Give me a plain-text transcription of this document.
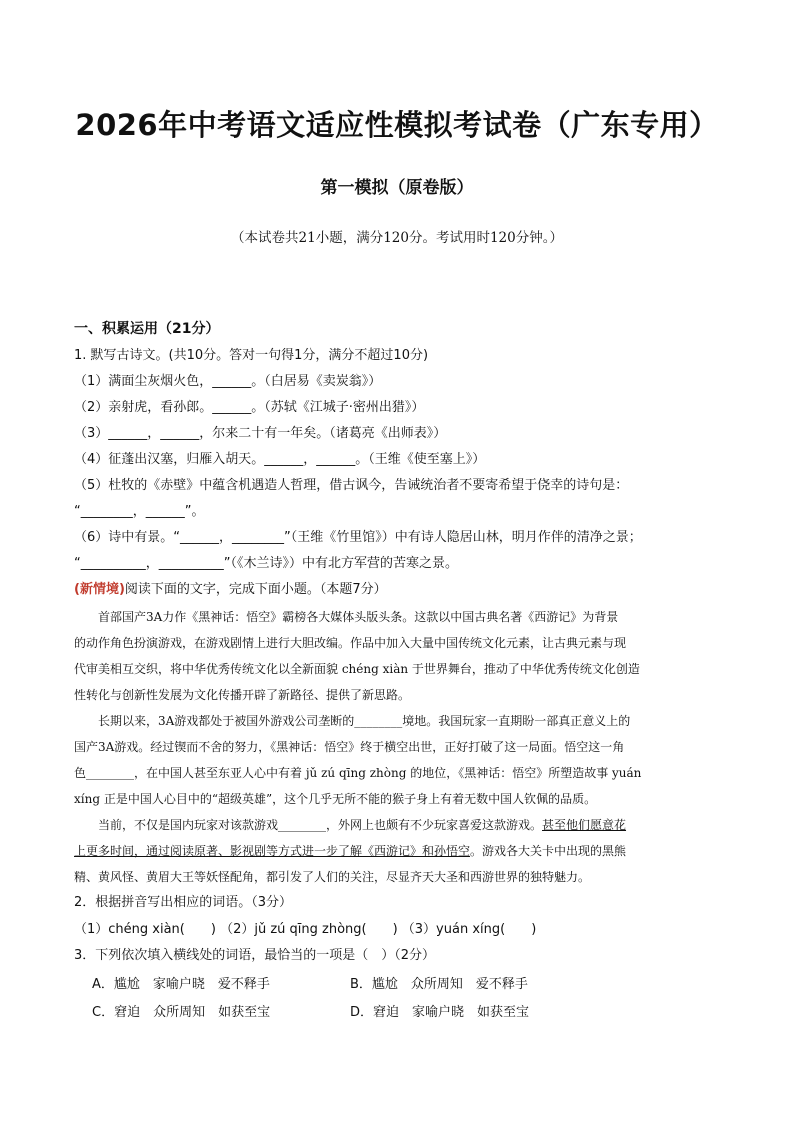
2026年中考语文适应性模拟考试卷（广东专用）
第一模拟（原卷版）
（本试卷共21小题，满分120分。考试用时120分钟。）
一、积累运用（21分）
1. 默写古诗文。(共10分。答对一句得1分，满分不超过10分)
（1）满面尘灰烟火色，______。（白居易《卖炭翁》）
（2）亲射虎，看孙郎。______。（苏轼《江城子·密州出猎》）
（3）______，______，尔来二十有一年矣。（诸葛亮《出师表》）
（4）征蓬出汉塞，归雁入胡天。______，______。（王维《使至塞上》）
（5）杜牧的《赤壁》中蕴含机遇造人哲理，借古讽今，告诫统治者不要寄希望于侥幸的诗句是：
“________，______”。
（6）诗中有景。“______，________”（王维《竹里馆》）中有诗人隐居山林，明月作伴的清净之景；
“__________，__________”（《木兰诗》）中有北方军营的苦寒之景。
(新情境)阅读下面的文字，完成下面小题。（本题7分）
　　首部国产3A力作《黑神话：悟空》霸榜各大媒体头版头条。这款以中国古典名著《西游记》为背景
的动作角色扮演游戏，在游戏剧情上进行大胆改编。作品中加入大量中国传统文化元素，让古典元素与现
代审美相互交织，将中华优秀传统文化以全新面貌 chéng xiàn 于世界舞台，推动了中华优秀传统文化创造
性转化与创新性发展为文化传播开辟了新路径、提供了新思路。
　　长期以来，3A游戏都处于被国外游戏公司垄断的________境地。我国玩家一直期盼一部真正意义上的
国产3A游戏。经过锲而不舍的努力，《黑神话：悟空》终于横空出世，正好打破了这一局面。悟空这一角
色________，在中国人甚至东亚人心中有着 jǔ zú qīng zhòng 的地位，《黑神话：悟空》所塑造故事 yuán
xíng 正是中国人心目中的“超级英雄”，这个几乎无所不能的猴子身上有着无数中国人钦佩的品质。
　　当前，不仅是国内玩家对该款游戏________，外网上也颇有不少玩家喜爱这款游戏。甚至他们愿意花
上更多时间，通过阅读原著、影视剧等方式进一步了解《西游记》和孙悟空。游戏各大关卡中出现的黑熊
精、黄风怪、黄眉大王等妖怪配角，都引发了人们的关注，尽显齐天大圣和西游世界的独特魅力。
2．根据拼音写出相应的词语。（3分）
（1）chéng xiàn(　　) （2）jǔ zú qīng zhòng(　　) （3）yuán xíng(　　)
3．下列依次填入横线处的词语，最恰当的一项是（　）（2分）
A．尴尬　家喻户晓　爱不释手	B．尴尬　众所周知　爱不释手
C．窘迫　众所周知　如获至宝	D．窘迫　家喻户晓　如获至宝
